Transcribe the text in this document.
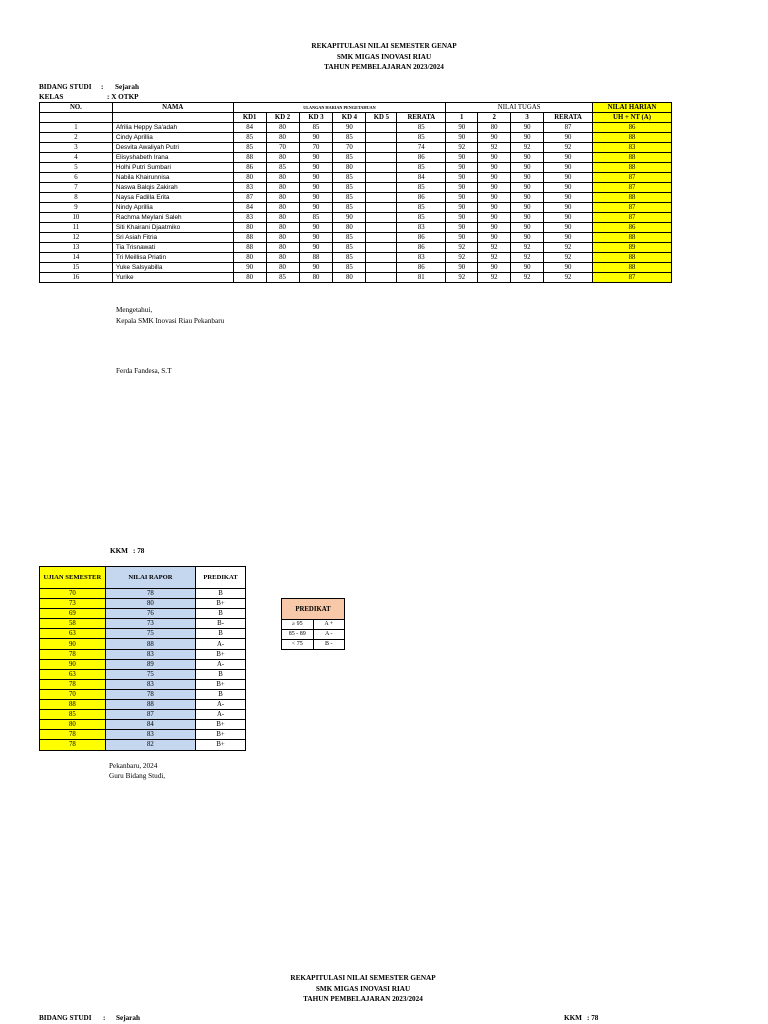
REKAPITULASI NILAI SEMESTER GENAP
SMK MIGAS INOVASI RIAU
TAHUN PEMBELAJARAN 2023/2024
BIDANG STUDI : Sejarah
KELAS	: X OTKP
NO.	NAMA	ULANGAN HARIAN PENGETAHUAN						NILAI TUGAS				NILAI HARIAN
		KD1	KD 2	KD 3	KD 4	KD 5	RERATA	1	2	3	RERATA	UH + NT (A)
1	Afrilia Heppy Sa'adah	84	80	85	90		85	90	80	90	87	86
2	Cindy Aprillia	85	80	90	85		85	90	90	90	90	88
3	Desvita Awaliyah Putri	85	70	70	70		74	92	92	92	92	83
4	Elisyshabeth Irana	88	80	90	85		86	90	90	90	90	88
5	Holhi Putri Sumbari	86	85	90	80		85	90	90	90	90	88
6	Nabila Khairunnisa	80	80	90	85		84	90	90	90	90	87
7	Naswa Balqis Zakirah	83	80	90	85		85	90	90	90	90	87
8	Naysa Fadilla Erita	87	80	90	85		86	90	90	90	90	88
9	Nindy Aprillia	84	80	90	85		85	90	90	90	90	87
10	Rachma Meylani Saleh	83	80	85	90		85	90	90	90	90	87
11	Siti Khairani Djaatmiko	80	80	90	80		83	90	90	90	90	86
12	Sri Asiah Fitria	88	80	90	85		86	90	90	90	90	88
13	Tia Trisnawati	88	80	90	85		86	92	92	92	92	89
14	Tri Meillisa Priatin	80	80	88	85		83	92	92	92	92	88
15	Yuke Salsyabilla	90	80	90	85		86	90	90	90	90	88
16	Yurike	80	85	80	80		81	92	92	92	92	87
Mengetahui,
Kepala SMK Inovasi Riau Pekanbaru
Ferda Fandesa, S.T
KKM : 78
UJIAN SEMESTER	NILAI RAPOR	PREDIKAT
70	78	B
73	80	B+
69	76	B
58	73	B-
63	75	B
90	88	A-
78	83	B+
90	89	A-
63	75	B
78	83	B+
70	78	B
88	88	A-
85	87	A-
80	84	B+
78	83	B+
78	82	B+
PREDIKAT	
≥ 95	A +
85 - 89	A -
< 75	B -
Pekanbaru, 2024
Guru Bidang Studi,
REKAPITULASI NILAI SEMESTER GENAP
SMK MIGAS INOVASI RIAU
TAHUN PEMBELAJARAN 2023/2024
BIDANG STUDI : Sejarah	KKM : 78
